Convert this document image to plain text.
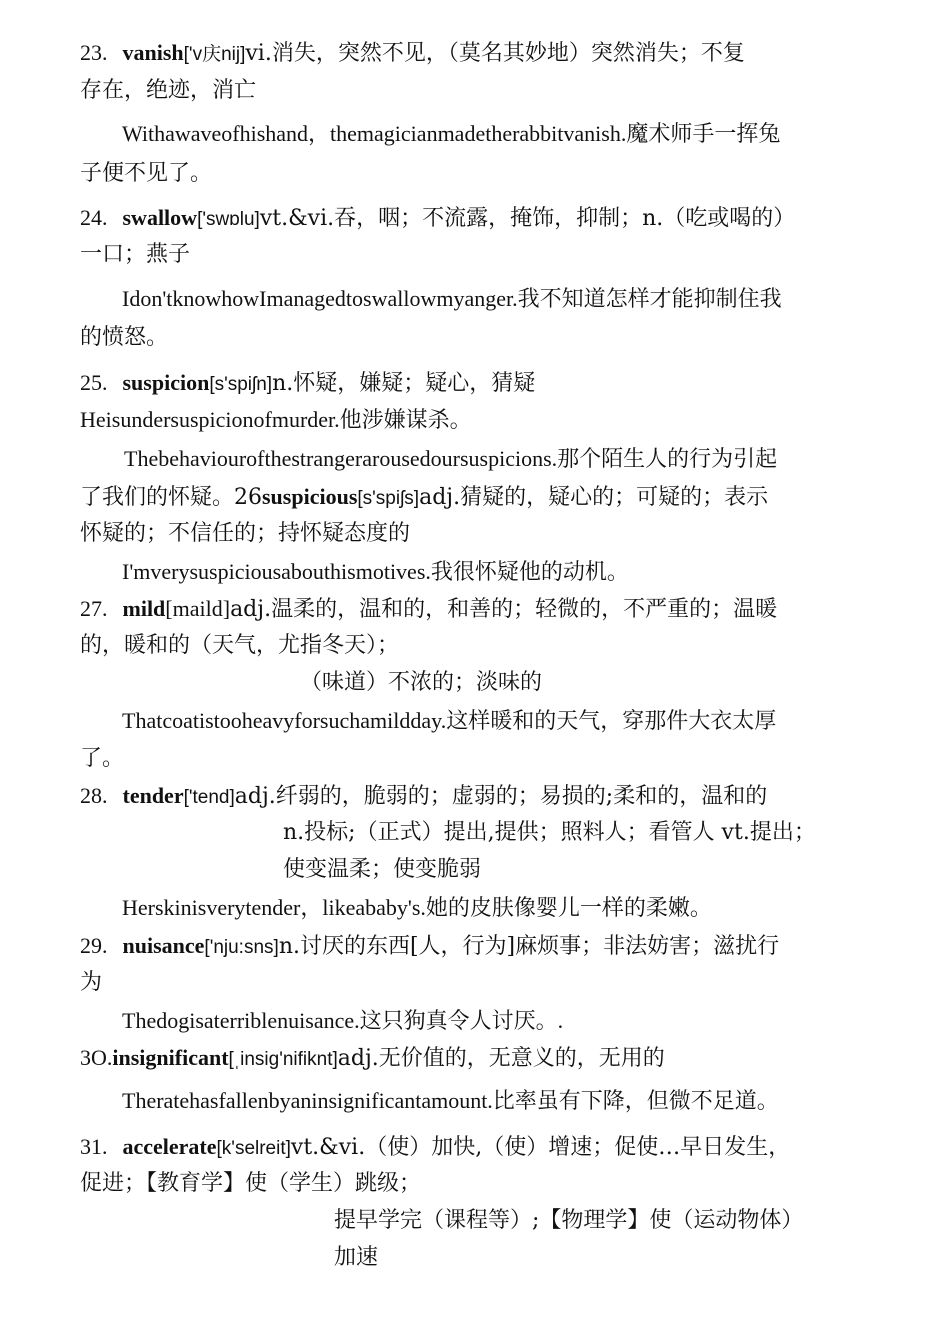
23. vanish['v庆nij]vi.消失，突然不见，（莫名其妙地）突然消失；不复
存在，绝迹，消亡
Withawaveofhishand，themagicianmadetherabbitvanish.魔术师手一挥兔
子便不见了。
24. swallow['swɒlu]vt.&vi.吞，咽；不流露，掩饰，抑制；n.（吃或喝的）
一口；燕子
Idon'tknowhowImanagedtoswallowmyanger.我不知道怎样才能抑制住我
的愤怒。
25. suspicion[s'spiʃn]n.怀疑，嫌疑；疑心，猜疑
Heisundersuspicionofmurder.他涉嫌谋杀。
Thebehaviourofthestrangerarousedoursuspicions.那个陌生人的行为引起
了我们的怀疑。26suspicious[s'spiʃs]adj.猜疑的，疑心的；可疑的；表示
怀疑的；不信任的；持怀疑态度的
I'mverysuspiciousabouthismotives.我很怀疑他的动机。
27. mild[maild]adj.温柔的，温和的，和善的；轻微的，不严重的；温暖
的，暖和的（天气，尤指冬天）；
（味道）不浓的；淡味的
Thatcoatistooheavyforsuchamildday.这样暖和的天气，穿那件大衣太厚
了。
28. tender['tend]adj.纤弱的，脆弱的；虚弱的；易损的;柔和的，温和的
n.投标;（正式）提出,提供；照料人；看管人 vt.提出；
使变温柔；使变脆弱
Herskinisverytender，likeababy's.她的皮肤像婴儿一样的柔嫩。
29. nuisance['nju:sns]n.讨厌的东西[人，行为]麻烦事；非法妨害；滋扰行
为
Thedogisaterriblenuisance.这只狗真令人讨厌。.
3O.insignificant[ˌinsig'nifiknt]adj.无价值的，无意义的，无用的
Theratehasfallenbyaninsignificantamount.比率虽有下降，但微不足道。
31. accelerate[k'selreit]vt.&vi.（使）加快,（使）增速；促使…早日发生，
促进；【教育学】使（学生）跳级；
提早学完（课程等）;【物理学】使（运动物体）
加速
